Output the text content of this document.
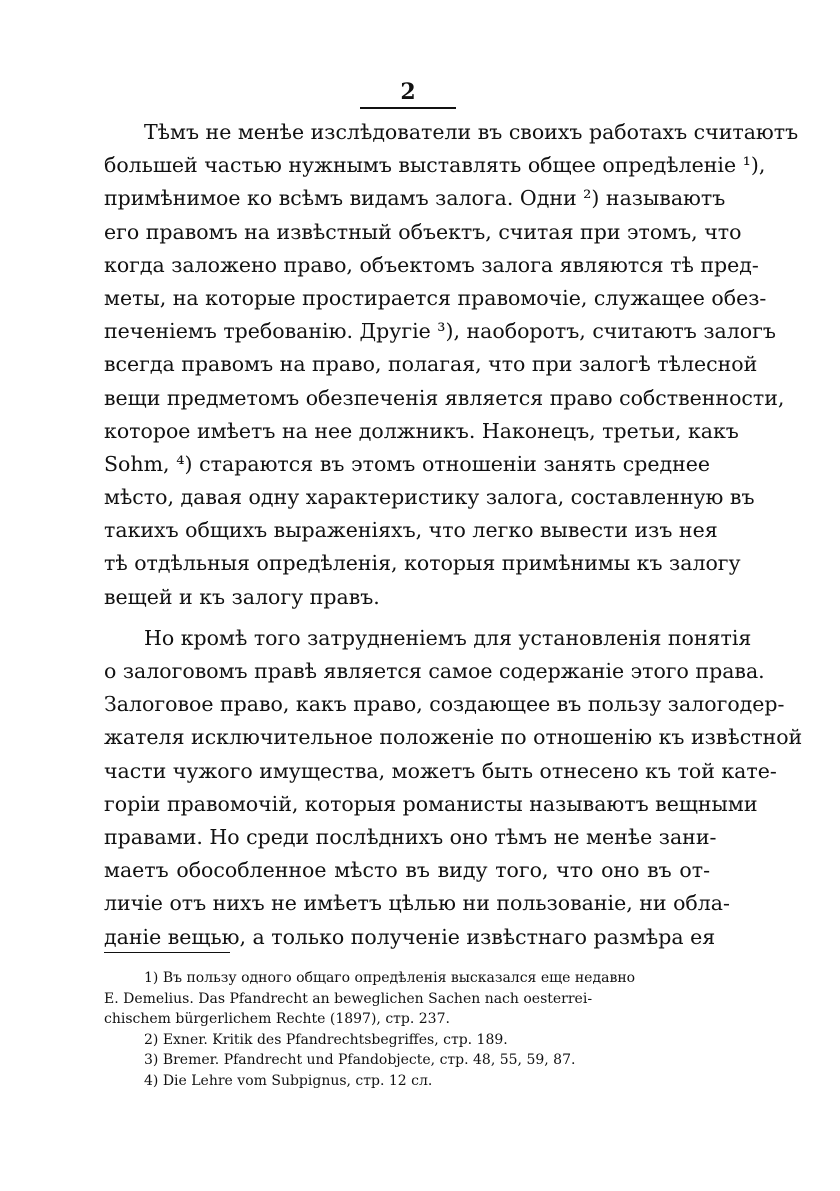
2
Тѣмъ не менѣе изслѣдователи въ своихъ работахъ считаютъ
большей частью нужнымъ выставлять общее опредѣленіе ¹),
примѣнимое ко всѣмъ видамъ залога. Одни ²) называютъ
его правомъ на извѣстный объектъ, считая при этомъ, что
когда заложено право, объектомъ залога являются тѣ пред-
меты, на которые простирается правомочіе, служащее обез-
печеніемъ требованію. Другіе ³), наоборотъ, считаютъ залогъ
всегда правомъ на право, полагая, что при залогѣ тѣлесной
вещи предметомъ обезпеченія является право собственности,
которое имѣетъ на нее должникъ. Наконецъ, третьи, какъ
Sohm, ⁴) стараются въ этомъ отношеніи занять среднее
мѣсто, давая одну характеристику залога, составленную въ
такихъ общихъ выраженіяхъ, что легко вывести изъ нея
тѣ отдѣльныя опредѣленія, которыя примѣнимы къ залогу
вещей и къ залогу правъ.
Но кромѣ того затрудненіемъ для установленія понятія
о залоговомъ правѣ является самое содержаніе этого права.
Залоговое право, какъ право, создающее въ пользу залогодер-
жателя исключительное положеніе по отношенію къ извѣстной
части чужого имущества, можетъ быть отнесено къ той кате-
горіи правомочій, которыя романисты называютъ вещными
правами. Но среди послѣднихъ оно тѣмъ не менѣе зани-
маетъ обособленное мѣсто въ виду того, что оно въ от-
личіе отъ нихъ не имѣетъ цѣлью ни пользованіе, ни обла-
даніе вещью, а только полученіе извѣстнаго размѣра ея
1) Въ пользу одного общаго опредѣленія высказался еще недавно
E. Demelius. Das Pfandrecht an beweglichen Sachen nach oesterrei-
chischem bürgerlichem Rechte (1897), стр. 237.
2) Exner. Kritik des Pfandrechtsbegriffes, стр. 189.
3) Bremer. Pfandrecht und Pfandobjecte, стр. 48, 55, 59, 87.
4) Die Lehre vom Subpignus, стр. 12 сл.
